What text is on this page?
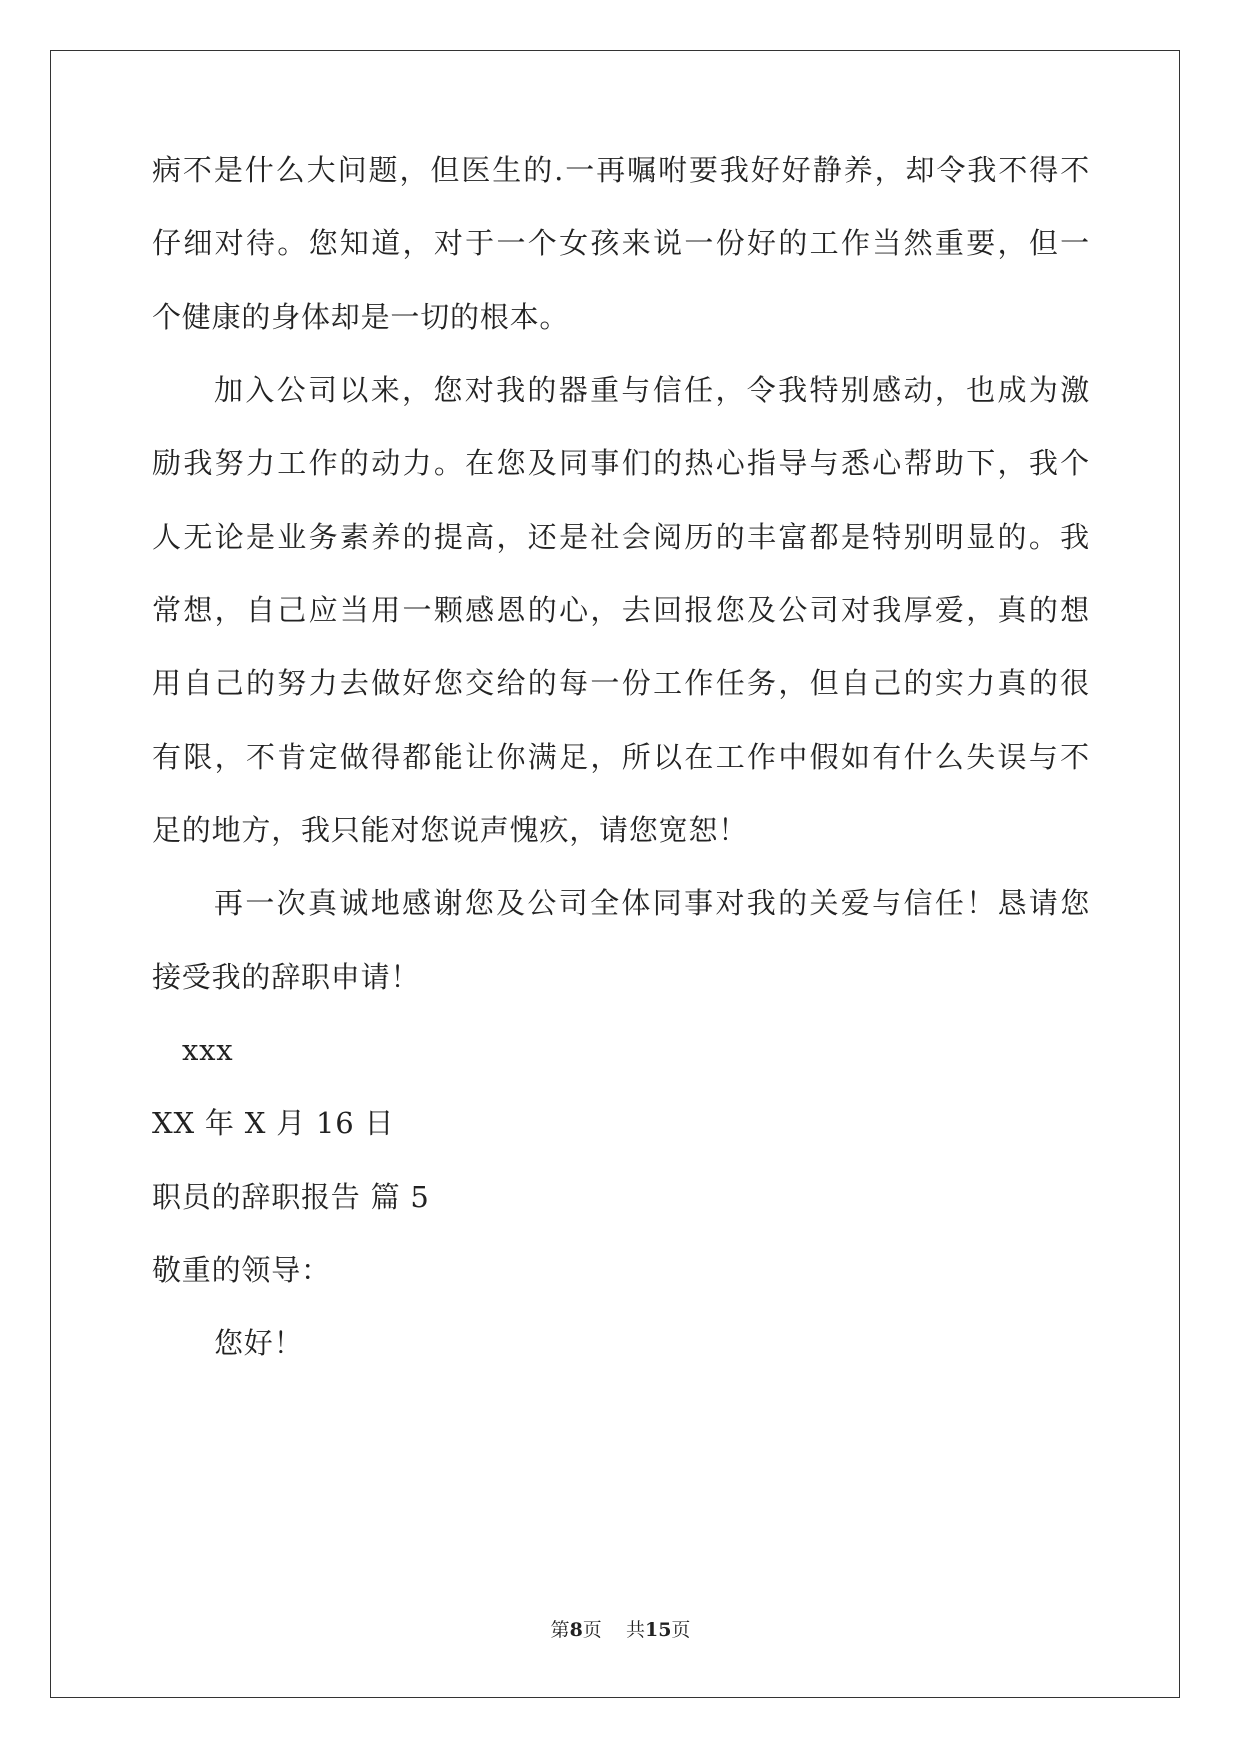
病不是什么大问题，但医生的.一再嘱咐要我好好静养，却令我不得不
仔细对待。您知道，对于一个女孩来说一份好的工作当然重要，但一
个健康的身体却是一切的根本。
加入公司以来，您对我的器重与信任，令我特别感动，也成为激
励我努力工作的动力。在您及同事们的热心指导与悉心帮助下，我个
人无论是业务素养的提高，还是社会阅历的丰富都是特别明显的。我
常想，自己应当用一颗感恩的心，去回报您及公司对我厚爱，真的想
用自己的努力去做好您交给的每一份工作任务，但自己的实力真的很
有限，不肯定做得都能让你满足，所以在工作中假如有什么失误与不
足的地方，我只能对您说声愧疚，请您宽恕！
再一次真诚地感谢您及公司全体同事对我的关爱与信任！恳请您
接受我的辞职申请！
xxx
XX 年 X 月 16 日
职员的辞职报告 篇 5
敬重的领导：
您好！
第8页    共15页
